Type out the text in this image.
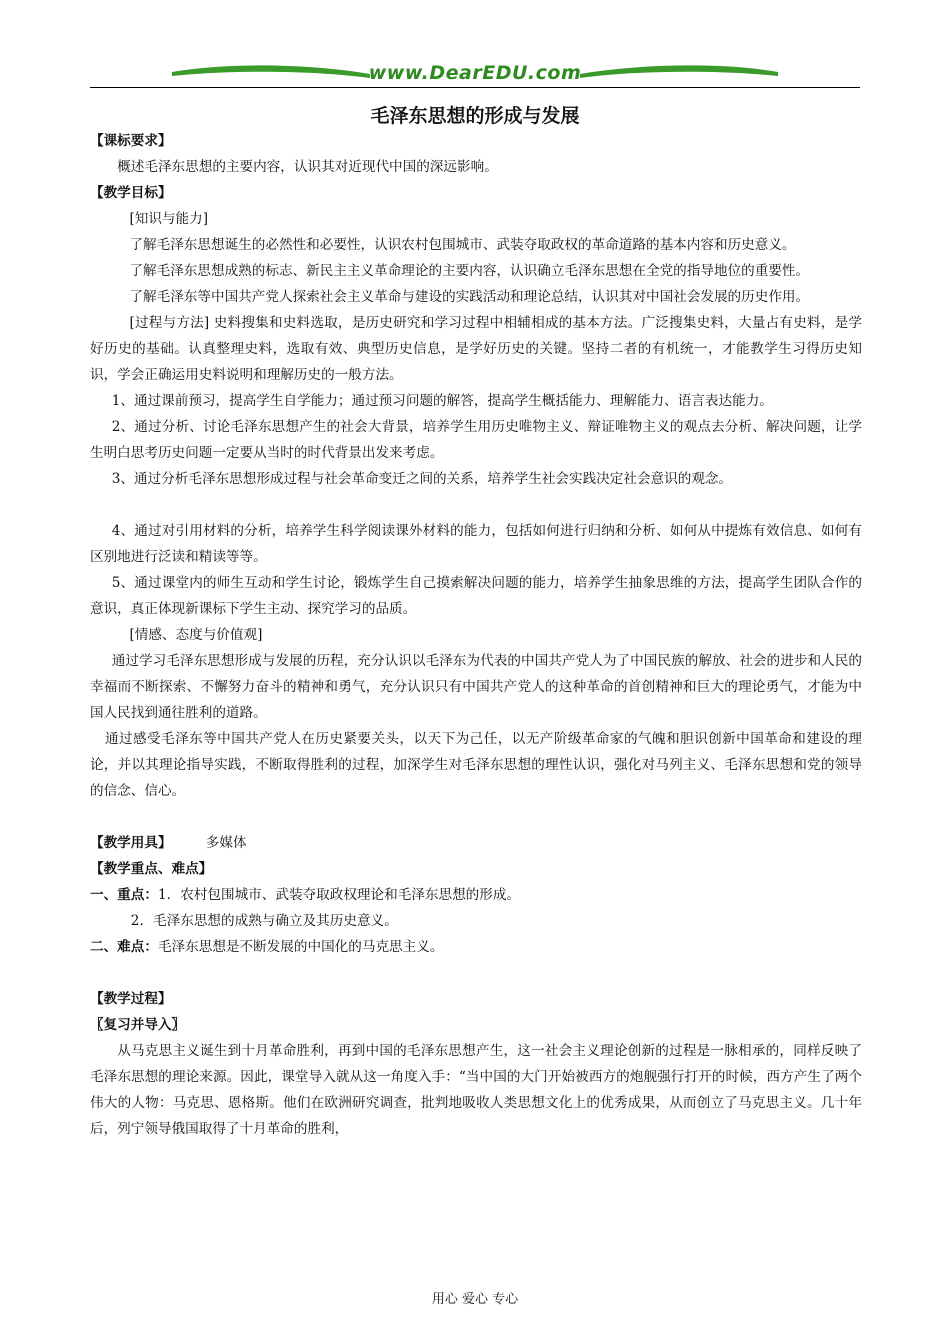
www.DearEDU.com
毛泽东思想的形成与发展

【课标要求】

概述毛泽东思想的主要内容，认识其对近现代中国的深远影响。

【教学目标】

[知识与能力]

了解毛泽东思想诞生的必然性和必要性，认识农村包围城市、武装夺取政权的革命道路的基本内容和历史意义。

了解毛泽东思想成熟的标志、新民主主义革命理论的主要内容，认识确立毛泽东思想在全党的指导地位的重要性。

了解毛泽东等中国共产党人探索社会主义革命与建设的实践活动和理论总结，认识其对中国社会发展的历史作用。

[过程与方法] 史料搜集和史料选取，是历史研究和学习过程中相辅相成的基本方法。广泛搜集史料，大量占有史料，是学好历史的基础。认真整理史料，选取有效、典型历史信息，是学好历史的关键。坚持二者的有机统一，才能教学生习得历史知识，学会正确运用史料说明和理解历史的一般方法。

1、通过课前预习，提高学生自学能力；通过预习问题的解答，提高学生概括能力、理解能力、语言表达能力。

2、通过分析、讨论毛泽东思想产生的社会大背景，培养学生用历史唯物主义、辩证唯物主义的观点去分析、解决问题，让学生明白思考历史问题一定要从当时的时代背景出发来考虑。

3、通过分析毛泽东思想形成过程与社会革命变迁之间的关系，培养学生社会实践决定社会意识的观念。

4、通过对引用材料的分析，培养学生科学阅读课外材料的能力，包括如何进行归纳和分析、如何从中提炼有效信息、如何有区别地进行泛读和精读等等。

5、通过课堂内的师生互动和学生讨论，锻炼学生自己摸索解决问题的能力，培养学生抽象思维的方法，提高学生团队合作的意识，真正体现新课标下学生主动、探究学习的品质。

[情感、态度与价值观]

通过学习毛泽东思想形成与发展的历程，充分认识以毛泽东为代表的中国共产党人为了中国民族的解放、社会的进步和人民的幸福而不断探索、不懈努力奋斗的精神和勇气，充分认识只有中国共产党人的这种革命的首创精神和巨大的理论勇气，才能为中国人民找到通往胜利的道路。

通过感受毛泽东等中国共产党人在历史紧要关头，以天下为己任，以无产阶级革命家的气魄和胆识创新中国革命和建设的理论，并以其理论指导实践，不断取得胜利的过程，加深学生对毛泽东思想的理性认识，强化对马列主义、毛泽东思想和党的领导的信念、信心。

【教学用具】	多媒体

【教学重点、难点】

一、重点：1．农村包围城市、武装夺取政权理论和毛泽东思想的形成。

2．毛泽东思想的成熟与确立及其历史意义。

二、难点：毛泽东思想是不断发展的中国化的马克思主义。

【教学过程】

〖复习并导入〗

从马克思主义诞生到十月革命胜利，再到中国的毛泽东思想产生，这一社会主义理论创新的过程是一脉相承的，同样反映了毛泽东思想的理论来源。因此，课堂导入就从这一角度入手：“当中国的大门开始被西方的炮舰强行打开的时候，西方产生了两个伟大的人物：马克思、恩格斯。他们在欧洲研究调查，批判地吸收人类思想文化上的优秀成果，从而创立了马克思主义。几十年后，列宁领导俄国取得了十月革命的胜利，

用心 爱心 专心
